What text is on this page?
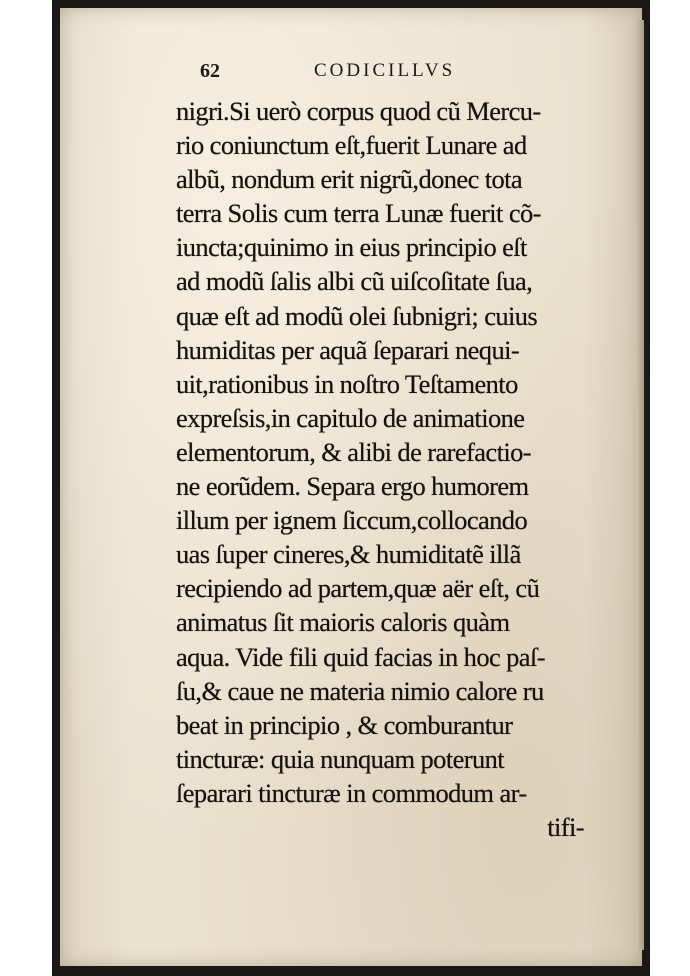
62	CODICILLVS
nigri.Si uerò corpus quod cũ Mercu-
rio coniunctum eſt,fuerit Lunare ad
albũ, nondum erit nigrũ,donec tota
terra Solis cum terra Lunæ fuerit cõ-
iuncta;quinimo in eius principio eſt
ad modũ ſalis albi cũ uiſcoſitate ſua,
quæ eſt ad modũ olei ſubnigri; cuius
humiditas per aquã ſeparari nequi-
uit,rationibus in noſtro Teſtamento
expreſsis,in capitulo de animatione
elementorum, & alibi de rarefactio-
ne eorũdem. Separa ergo humorem
illum per ignem ſiccum,collocando
uas ſuper cineres,& humiditatẽ illã
recipiendo ad partem,quæ aër eſt, cũ
animatus ſit maioris caloris quàm
aqua. Vide fili quid facias in hoc paſ-
ſu,& caue ne materia nimio calore ru
beat in principio , & comburantur
tincturæ: quia nunquam poterunt
ſeparari tincturæ in commodum ar-
tifi-
